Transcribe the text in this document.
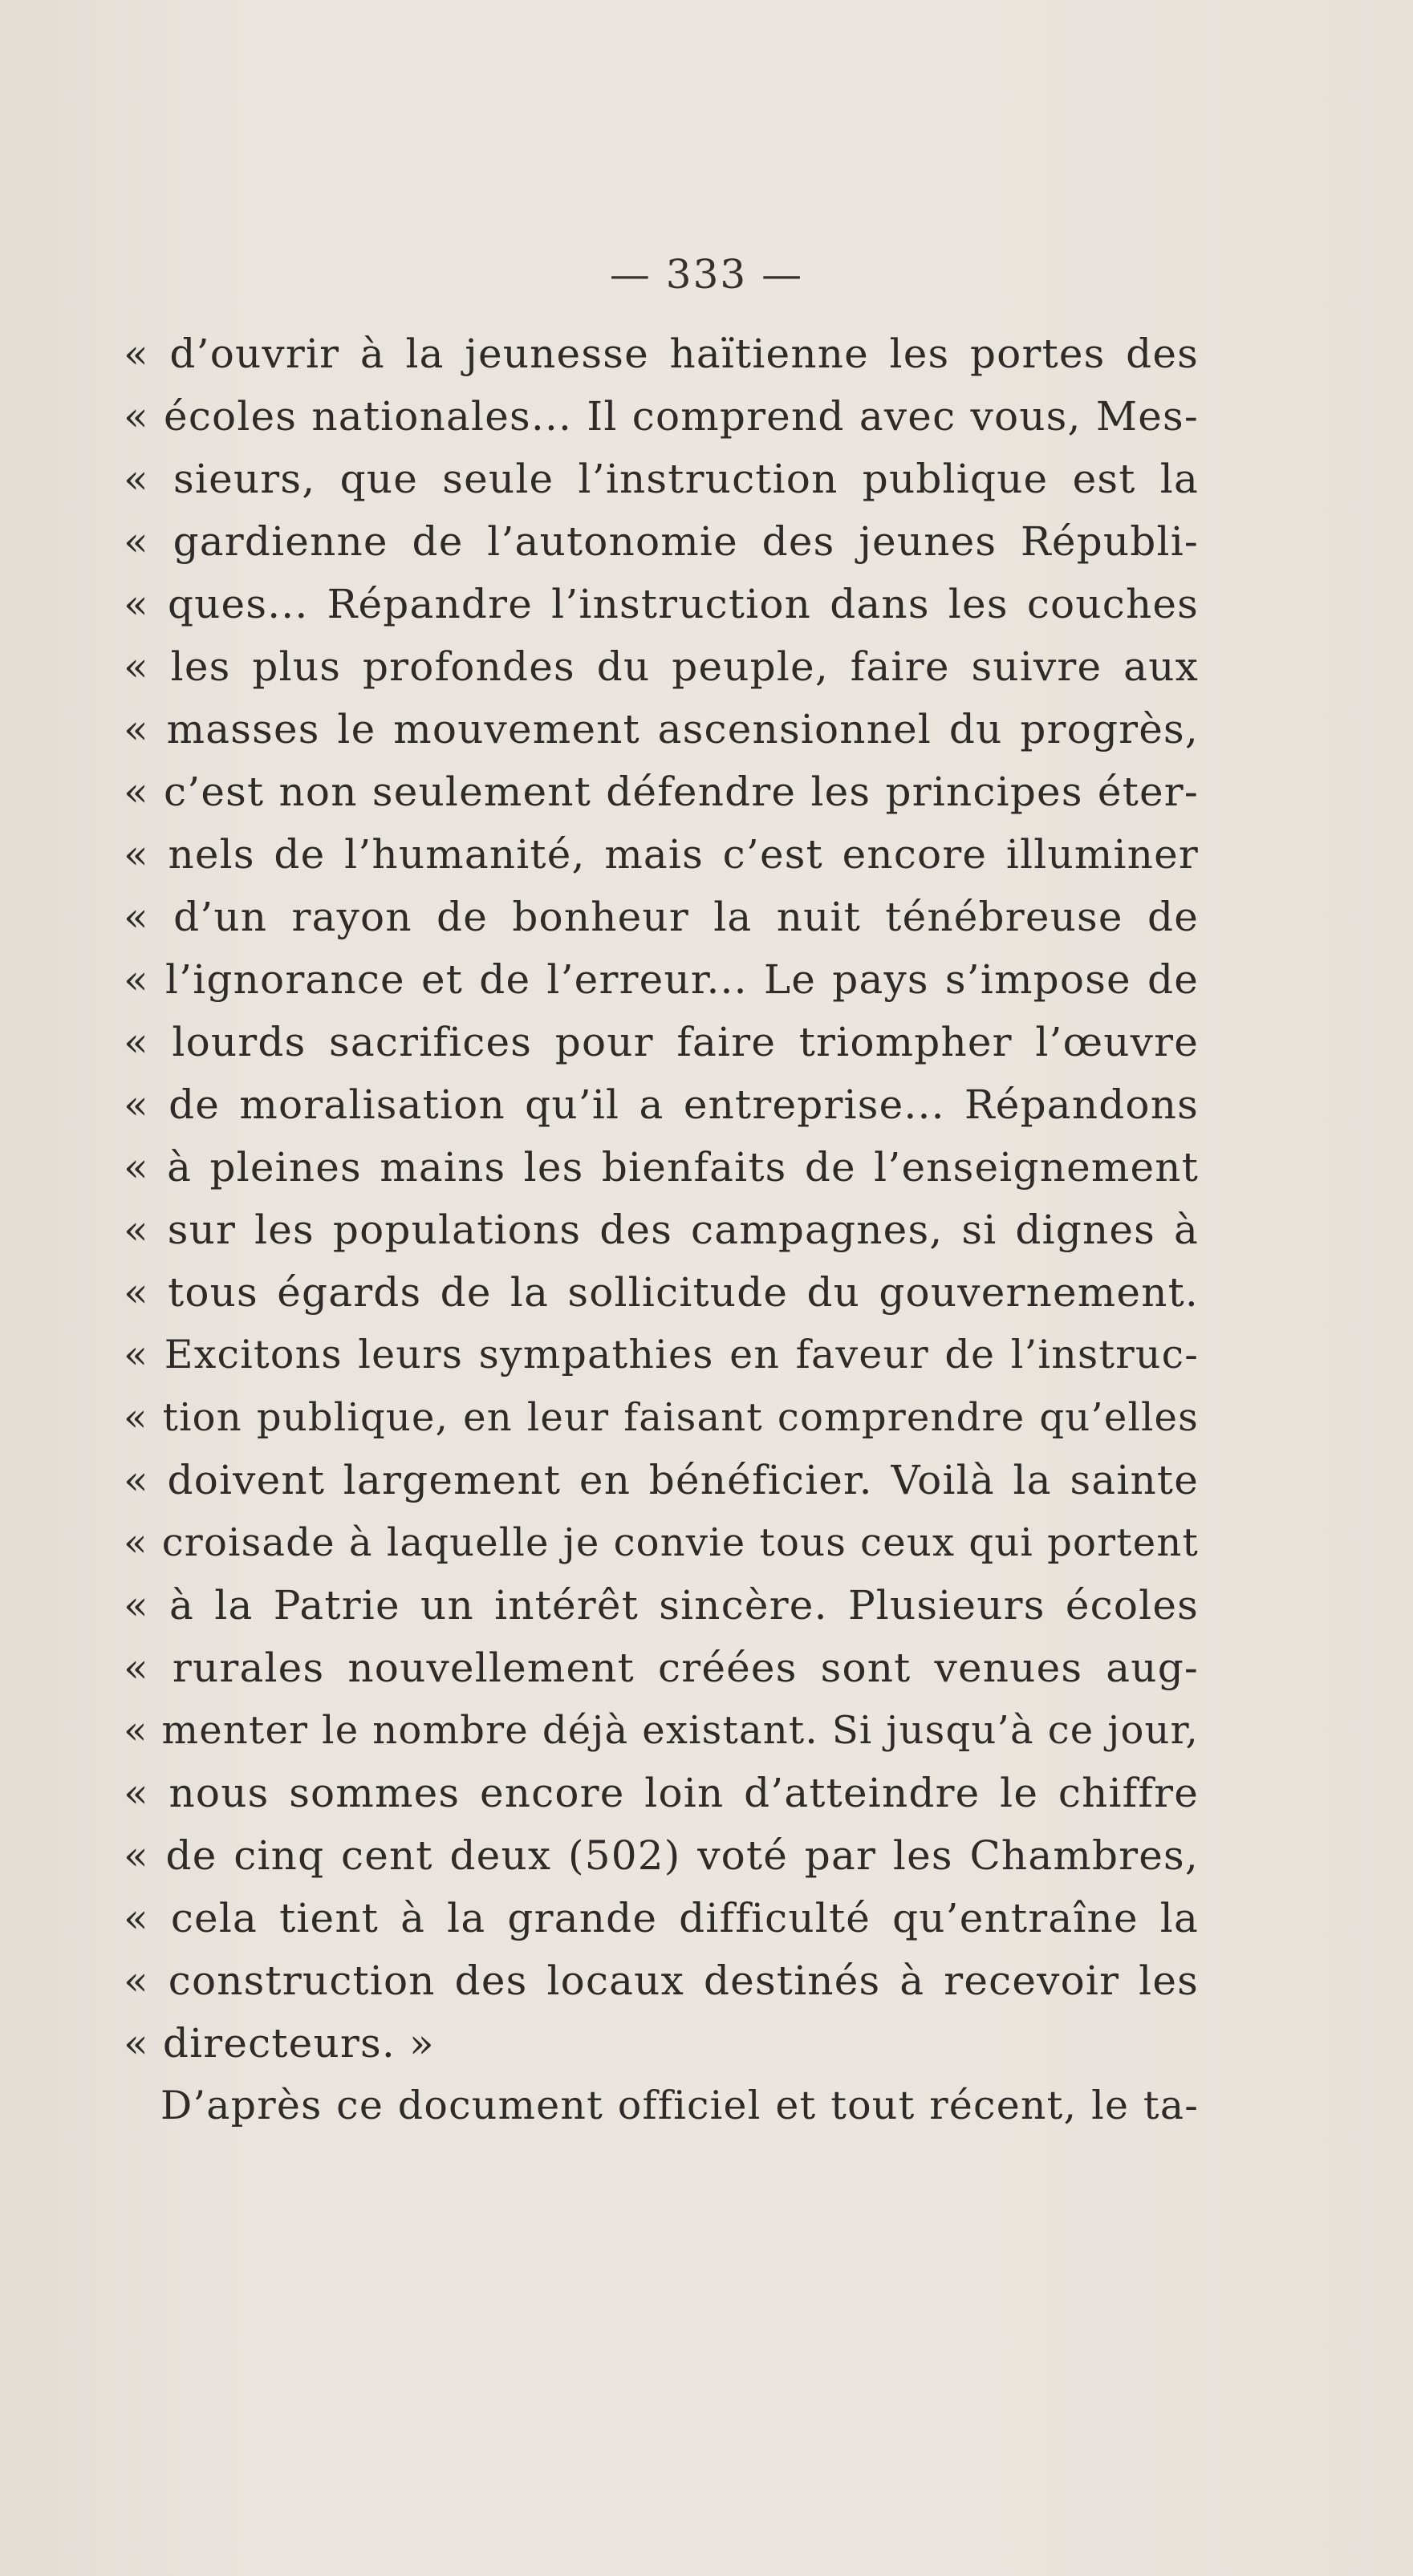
— 333 —
« d’ouvrir à la jeunesse haïtienne les portes des
« écoles nationales... Il comprend avec vous, Mes-
« sieurs, que seule l’instruction publique est la
« gardienne de l’autonomie des jeunes Républi-
« ques... Répandre l’instruction dans les couches
« les plus profondes du peuple, faire suivre aux
« masses le mouvement ascensionnel du progrès,
« c’est non seulement défendre les principes éter-
« nels de l’humanité, mais c’est encore illuminer
« d’un rayon de bonheur la nuit ténébreuse de
« l’ignorance et de l’erreur... Le pays s’impose de
« lourds sacrifices pour faire triompher l’œuvre
« de moralisation qu’il a entreprise... Répandons
« à pleines mains les bienfaits de l’enseignement
« sur les populations des campagnes, si dignes à
« tous égards de la sollicitude du gouvernement.
« Excitons leurs sympathies en faveur de l’instruc-
« tion publique, en leur faisant comprendre qu’elles
« doivent largement en bénéficier. Voilà la sainte
« croisade à laquelle je convie tous ceux qui portent
« à la Patrie un intérêt sincère. Plusieurs écoles
« rurales nouvellement créées sont venues aug-
« menter le nombre déjà existant. Si jusqu’à ce jour,
« nous sommes encore loin d’atteindre le chiffre
« de cinq cent deux (502) voté par les Chambres,
« cela tient à la grande difficulté qu’entraîne la
« construction des locaux destinés à recevoir les
« directeurs. »
D’après ce document officiel et tout récent, le ta-
